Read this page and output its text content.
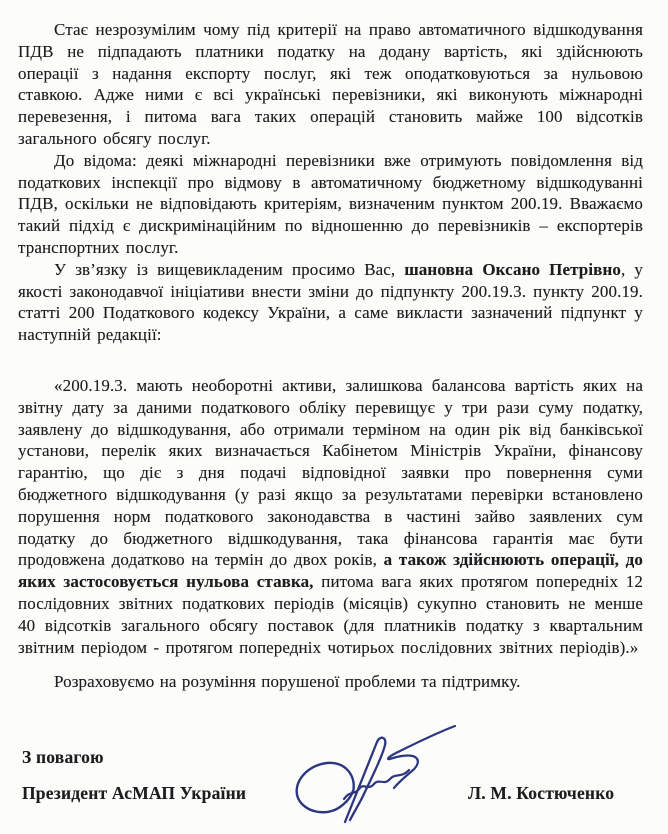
Стає незрозумілим чому під критерії на право автоматичного відшкодування ПДВ не підпадають платники податку на додану вартість, які здійснюють операції з надання експорту послуг, які теж оподатковуються за нульовою ставкою. Адже ними є всі українські перевізники, які виконують міжнародні перевезення, і питома вага таких операцій становить майже 100 відсотків загального обсягу послуг.

До відома: деякі міжнародні перевізники вже отримують повідомлення від податкових інспекції про відмову в автоматичному бюджетному відшкодуванні ПДВ, оскільки не відповідають критеріям, визначеним пунктом 200.19. Вважаємо такий підхід є дискримінаційним по відношенню до перевізників – експортерів транспортних послуг.

У зв’язку із вищевикладеним просимо Вас, шановна Оксано Петрівно, у якості законодавчої ініціативи внести зміни до підпункту 200.19.3. пункту 200.19. статті 200 Податкового кодексу України, а саме викласти зазначений підпункт у наступній редакції:

«200.19.3. мають необоротні активи, залишкова балансова вартість яких на звітну дату за даними податкового обліку перевищує у три рази суму податку, заявлену до відшкодування, або отримали терміном на один рік від банківської установи, перелік яких визначається Кабінетом Міністрів України, фінансову гарантію, що діє з дня подачі відповідної заявки про повернення суми бюджетного відшкодування (у разі якщо за результатами перевірки встановлено порушення норм податкового законодавства в частині зайво заявлених сум податку до бюджетного відшкодування, така фінансова гарантія має бути продовжена додатково на термін до двох років, а також здійснюють операції, до яких застосовується нульова ставка, питома вага яких протягом попередніх 12 послідовних звітних податкових періодів (місяців) сукупно становить не менше 40 відсотків загального обсягу поставок (для платників податку з квартальним звітним періодом - протягом попередніх чотирьох послідовних звітних періодів).»

Розраховуємо на розуміння порушеної проблеми та підтримку.

З повагою
Президент АсМАП України	Л. М. Костюченко
